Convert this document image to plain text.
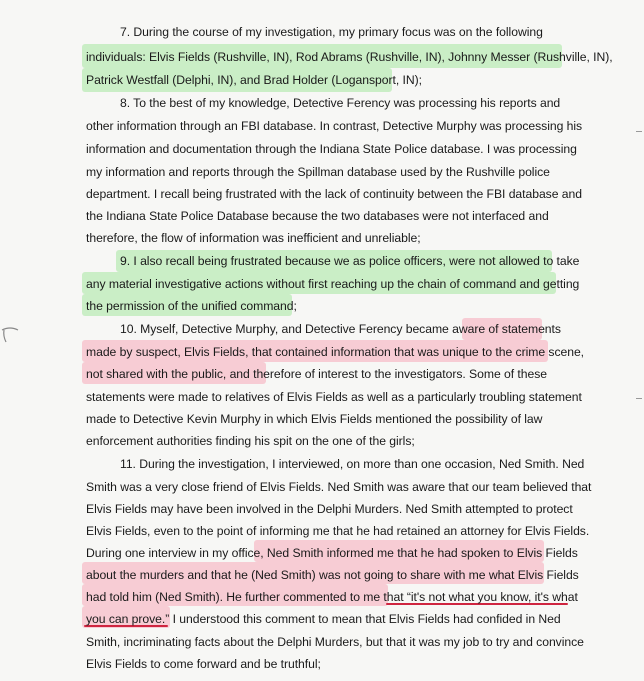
7. During the course of my investigation, my primary focus was on the following
individuals: Elvis Fields (Rushville, IN), Rod Abrams (Rushville, IN), Johnny Messer (Rushville, IN),
Patrick Westfall (Delphi, IN), and Brad Holder (Logansport, IN);
8. To the best of my knowledge, Detective Ferency was processing his reports and
other information through an FBI database. In contrast, Detective Murphy was processing his
information and documentation through the Indiana State Police database. I was processing
my information and reports through the Spillman database used by the Rushville police
department. I recall being frustrated with the lack of continuity between the FBI database and
the Indiana State Police Database because the two databases were not interfaced and
therefore, the flow of information was inefficient and unreliable;
9. I also recall being frustrated because we as police officers, were not allowed to take
any material investigative actions without first reaching up the chain of command and getting
the permission of the unified command;
10. Myself, Detective Murphy, and Detective Ferency became aware of statements
made by suspect, Elvis Fields, that contained information that was unique to the crime scene,
not shared with the public, and therefore of interest to the investigators. Some of these
statements were made to relatives of Elvis Fields as well as a particularly troubling statement
made to Detective Kevin Murphy in which Elvis Fields mentioned the possibility of law
enforcement authorities finding his spit on the one of the girls;
11. During the investigation, I interviewed, on more than one occasion, Ned Smith. Ned
Smith was a very close friend of Elvis Fields. Ned Smith was aware that our team believed that
Elvis Fields may have been involved in the Delphi Murders. Ned Smith attempted to protect
Elvis Fields, even to the point of informing me that he had retained an attorney for Elvis Fields.
During one interview in my office, Ned Smith informed me that he had spoken to Elvis Fields
about the murders and that he (Ned Smith) was not going to share with me what Elvis Fields
had told him (Ned Smith). He further commented to me that “it's not what you know, it's what
you can prove.” I understood this comment to mean that Elvis Fields had confided in Ned
Smith, incriminating facts about the Delphi Murders, but that it was my job to try and convince
Elvis Fields to come forward and be truthful;
